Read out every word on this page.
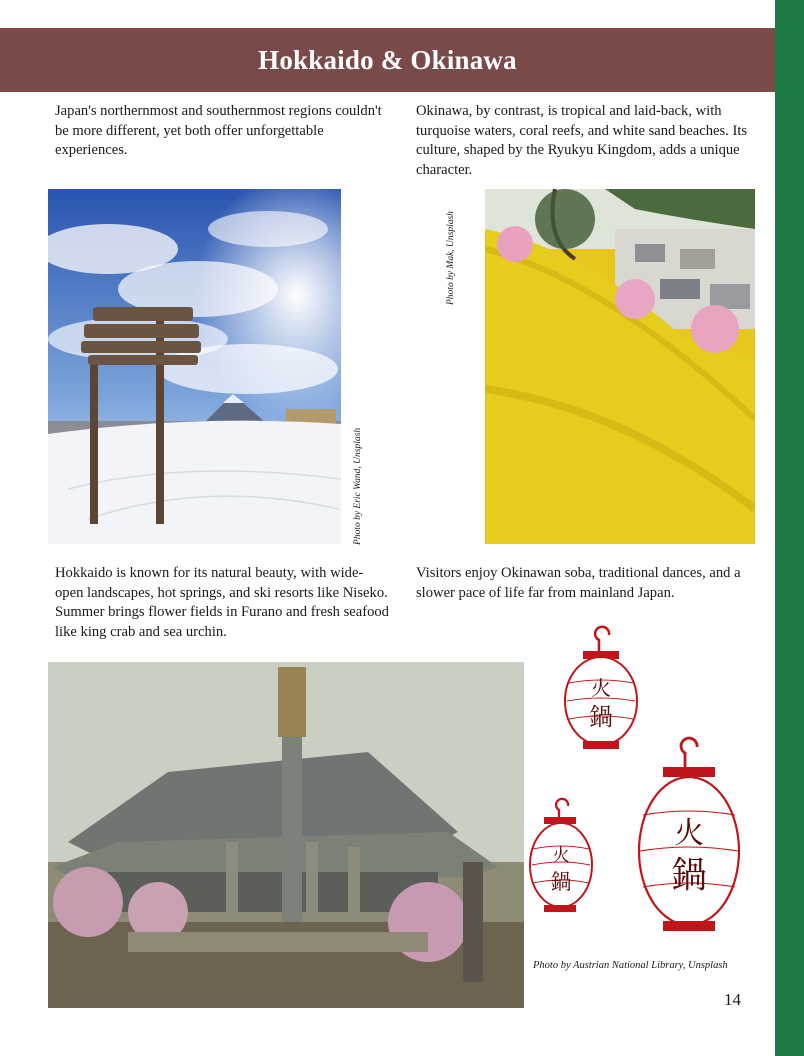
Hokkaido & Okinawa

Japan's northernmost and southernmost regions couldn't be more different, yet both offer unforgettable experiences.

Okinawa, by contrast, is tropical and laid-back, with turquoise waters, coral reefs, and white sand beaches. Its culture, shaped by the Ryukyu Kingdom, adds a unique character.

Photo by Eric Wand, Unsplash
Photo by Mak, Unsplash

Hokkaido is known for its natural beauty, with wide-open landscapes, hot springs, and ski resorts like Niseko. Summer brings flower fields in Furano and fresh seafood like king crab and sea urchin.

Visitors enjoy Okinawan soba, traditional dances, and a slower pace of life far from mainland Japan.

火
鍋
火
鍋
火
鍋
Photo by Austrian National Library, Unsplash
14
